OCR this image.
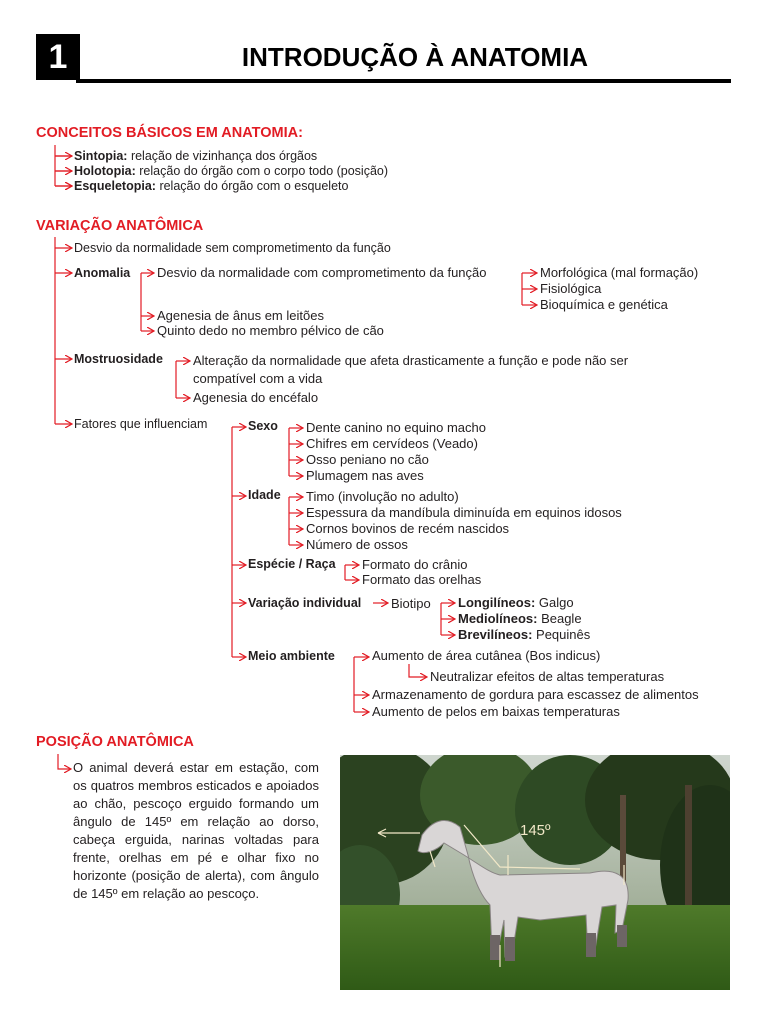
1	INTRODUÇÃO À ANATOMIA
CONCEITOS BÁSICOS EM ANATOMIA:
Sintopia: relação de vizinhança dos órgãos
Holotopia: relação do órgão com o corpo todo (posição)
Esqueletopia: relação do órgão com o esqueleto
VARIAÇÃO ANATÔMICA
Desvio da normalidade sem comprometimento da função
Anomalia Desvio da normalidade com comprometimento da função	Morfológica (mal formação)
Fisiológica
Bioquímica e genética
Agenesia de ânus em leitões
Quinto dedo no membro pélvico de cão
Mostruosidade Alteração da normalidade que afeta drasticamente a função e pode não ser
compatível com a vida
Agenesia do encéfalo
Fatores que influenciam	Sexo Dente canino no equino macho
Chifres em cervídeos (Veado)
Osso peniano no cão
Plumagem nas aves
Idade Timo (involução no adulto)
Espessura da mandíbula diminuída em equinos idosos
Cornos bovinos de recém nascidos
Número de ossos
Espécie / Raça Formato do crânio
Formato das orelhas
Variação individual Biotipo Longilíneos: Galgo
Mediolíneos: Beagle
Brevilíneos: Pequinês
Meio ambiente	Aumento de área cutânea (Bos indicus)
Neutralizar efeitos de altas temperaturas
Armazenamento de gordura para escassez de alimentos
Aumento de pelos em baixas temperaturas
POSIÇÃO ANATÔMICA
O animal deverá estar em estação, com os quatros membros esticados e apoiados ao chão, pescoço erguido formando um ângulo de 145º em relação ao dorso, cabeça erguida, narinas voltadas para frente, orelhas em pé e olhar fixo no horizonte (posição de alerta), com ângulo de 145º em relação ao pescoço.
145º
